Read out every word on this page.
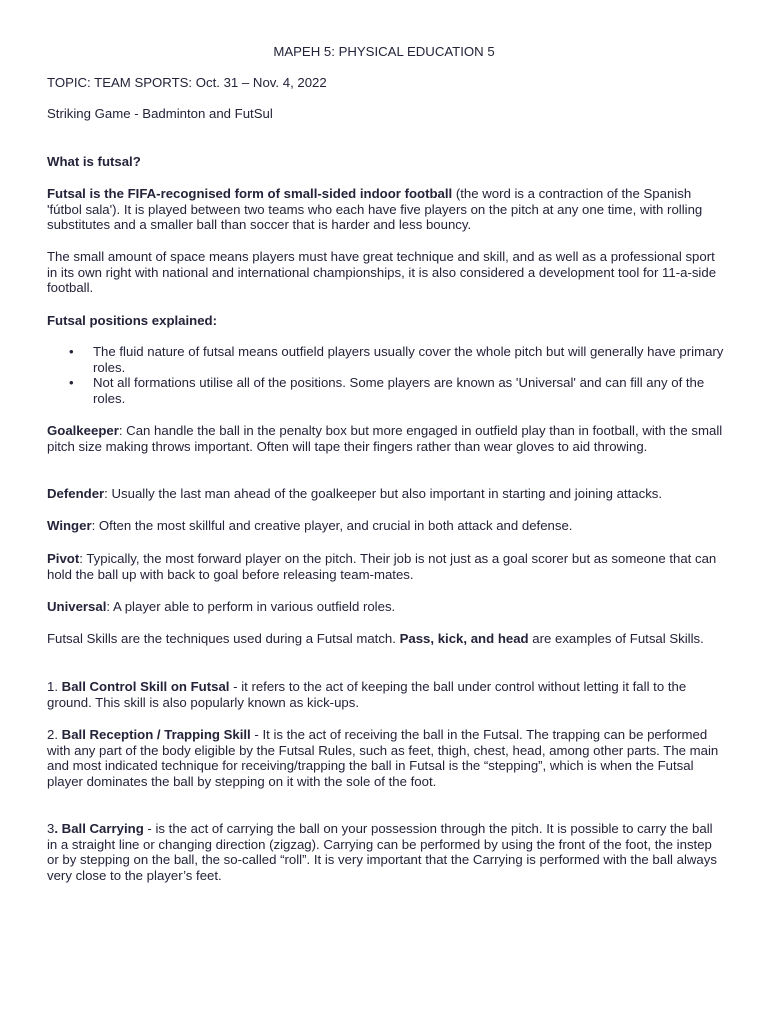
MAPEH 5: PHYSICAL EDUCATION 5

TOPIC: TEAM SPORTS: Oct. 31 – Nov. 4, 2022

Striking Game - Badminton and FutSul

What is futsal?

Futsal is the FIFA-recognised form of small-sided indoor football (the word is a contraction of the Spanish 'fútbol sala'). It is played between two teams who each have five players on the pitch at any one time, with rolling substitutes and a smaller ball than soccer that is harder and less bouncy.

The small amount of space means players must have great technique and skill, and as well as a professional sport in its own right with national and international championships, it is also considered a development tool for 11-a-side football.

Futsal positions explained:

• The fluid nature of futsal means outfield players usually cover the whole pitch but will generally have primary roles.
• Not all formations utilise all of the positions. Some players are known as 'Universal' and can fill any of the roles.

Goalkeeper: Can handle the ball in the penalty box but more engaged in outfield play than in football, with the small pitch size making throws important. Often will tape their fingers rather than wear gloves to aid throwing.

Defender: Usually the last man ahead of the goalkeeper but also important in starting and joining attacks.

Winger: Often the most skillful and creative player, and crucial in both attack and defense.

Pivot: Typically, the most forward player on the pitch. Their job is not just as a goal scorer but as someone that can hold the ball up with back to goal before releasing team-mates.

Universal: A player able to perform in various outfield roles.

Futsal Skills are the techniques used during a Futsal match. Pass, kick, and head are examples of Futsal Skills.

1. Ball Control Skill on Futsal - it refers to the act of keeping the ball under control without letting it fall to the ground. This skill is also popularly known as kick-ups.

2. Ball Reception / Trapping Skill - It is the act of receiving the ball in the Futsal. The trapping can be performed with any part of the body eligible by the Futsal Rules, such as feet, thigh, chest, head, among other parts. The main and most indicated technique for receiving/trapping the ball in Futsal is the “stepping”, which is when the Futsal player dominates the ball by stepping on it with the sole of the foot.

3. Ball Carrying - is the act of carrying the ball on your possession through the pitch. It is possible to carry the ball in a straight line or changing direction (zigzag). Carrying can be performed by using the front of the foot, the instep or by stepping on the ball, the so-called “roll”. It is very important that the Carrying is performed with the ball always very close to the player’s feet.
